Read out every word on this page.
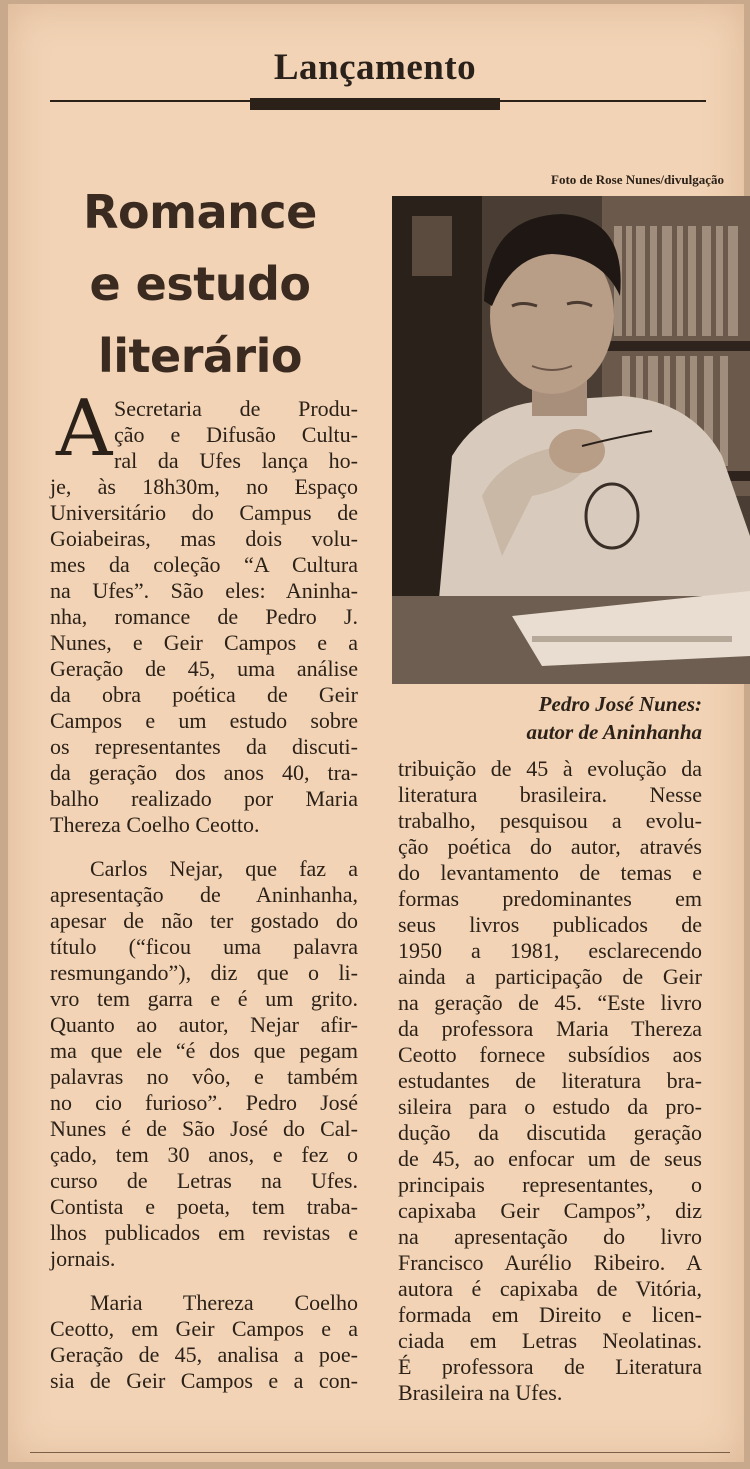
Lançamento
Romance
e estudo
literário
Foto de Rose Nunes/divulgação
Pedro José Nunes:
autor de Aninhanha
A Secretaria de Produ-
ção e Difusão Cultu-
ral da Ufes lança ho-
je, às 18h30m, no Espaço
Universitário do Campus de
Goiabeiras, mas dois volu-
mes da coleção “A Cultura
na Ufes”. São eles: Aninha-
nha, romance de Pedro J.
Nunes, e Geir Campos e a
Geração de 45, uma análise
da obra poética de Geir
Campos e um estudo sobre
os representantes da discuti-
da geração dos anos 40, tra-
balho realizado por Maria
Thereza Coelho Ceotto.
Carlos Nejar, que faz a
apresentação de Aninhanha,
apesar de não ter gostado do
título (“ficou uma palavra
resmungando”), diz que o li-
vro tem garra e é um grito.
Quanto ao autor, Nejar afir-
ma que ele “é dos que pegam
palavras no vôo, e também
no cio furioso”. Pedro José
Nunes é de São José do Cal-
çado, tem 30 anos, e fez o
curso de Letras na Ufes.
Contista e poeta, tem traba-
lhos publicados em revistas e
jornais.
Maria Thereza Coelho
Ceotto, em Geir Campos e a
Geração de 45, analisa a poe-
sia de Geir Campos e a con-
tribuição de 45 à evolução da
literatura brasileira. Nesse
trabalho, pesquisou a evolu-
ção poética do autor, através
do levantamento de temas e
formas predominantes em
seus livros publicados de
1950 a 1981, esclarecendo
ainda a participação de Geir
na geração de 45. “Este livro
da professora Maria Thereza
Ceotto fornece subsídios aos
estudantes de literatura bra-
sileira para o estudo da pro-
dução da discutida geração
de 45, ao enfocar um de seus
principais representantes, o
capixaba Geir Campos”, diz
na apresentação do livro
Francisco Aurélio Ribeiro. A
autora é capixaba de Vitória,
formada em Direito e licen-
ciada em Letras Neolatinas.
É professora de Literatura
Brasileira na Ufes.
